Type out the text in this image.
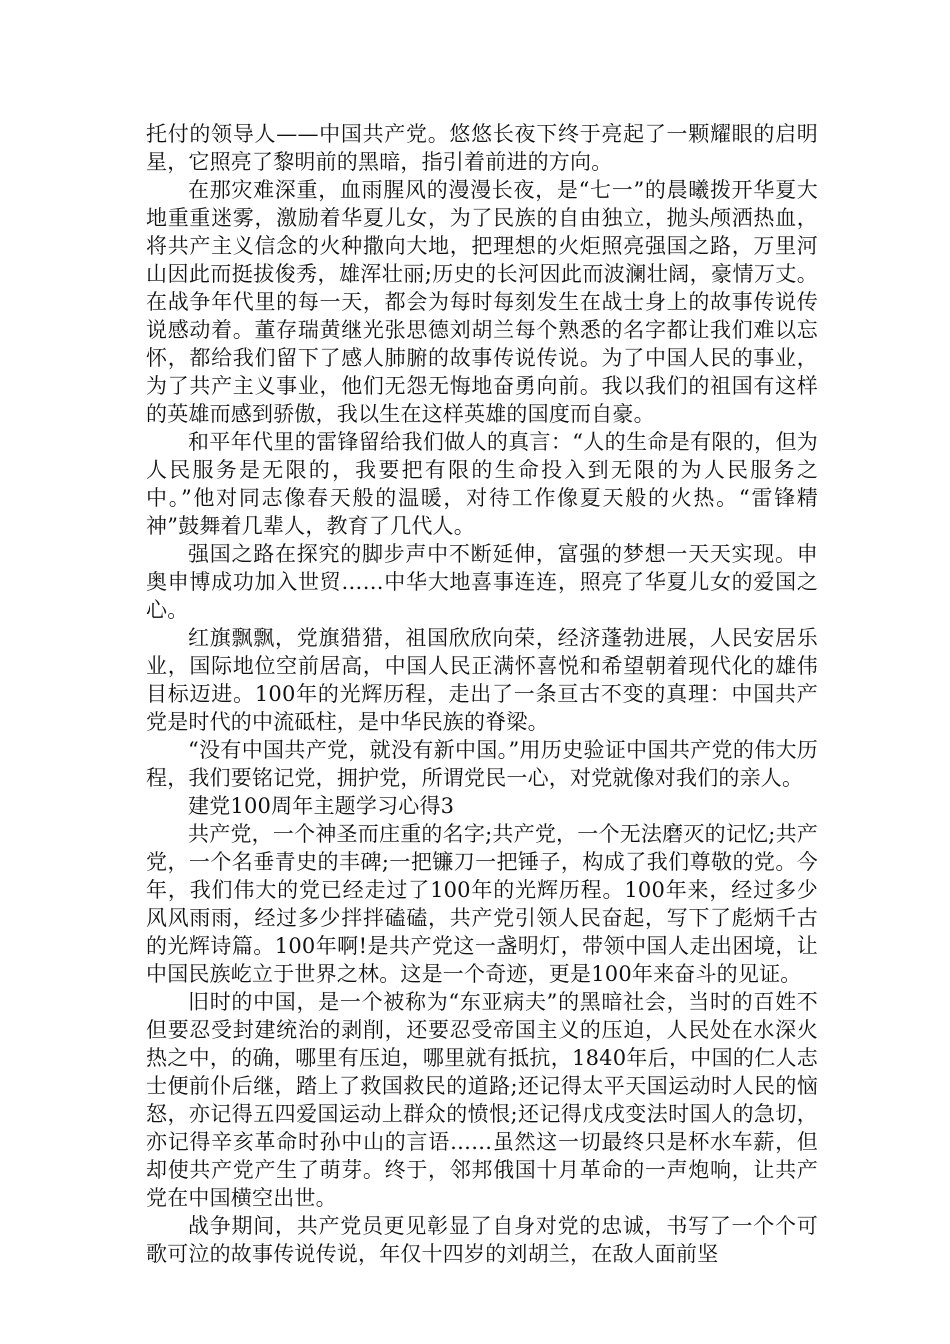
托付的领导人——中国共产党。悠悠长夜下终于亮起了一颗耀眼的启明星，它照亮了黎明前的黑暗，指引着前进的方向。

在那灾难深重，血雨腥风的漫漫长夜，是“七一”的晨曦拨开华夏大地重重迷雾，激励着华夏儿女，为了民族的自由独立，抛头颅洒热血，将共产主义信念的火种撒向大地，把理想的火炬照亮强国之路，万里河山因此而挺拔俊秀，雄浑壮丽;历史的长河因此而波澜壮阔，豪情万丈。在战争年代里的每一天，都会为每时每刻发生在战士身上的故事传说传说感动着。董存瑞黄继光张思德刘胡兰每个熟悉的名字都让我们难以忘怀，都给我们留下了感人肺腑的故事传说传说。为了中国人民的事业，为了共产主义事业，他们无怨无悔地奋勇向前。我以我们的祖国有这样的英雄而感到骄傲，我以生在这样英雄的国度而自豪。

和平年代里的雷锋留给我们做人的真言：“人的生命是有限的，但为人民服务是无限的，我要把有限的生命投入到无限的为人民服务之中。”他对同志像春天般的温暖，对待工作像夏天般的火热。“雷锋精神”鼓舞着几辈人，教育了几代人。

强国之路在探究的脚步声中不断延伸，富强的梦想一天天实现。申奥申博成功加入世贸……中华大地喜事连连，照亮了华夏儿女的爱国之心。

红旗飘飘，党旗猎猎，祖国欣欣向荣，经济蓬勃进展，人民安居乐业，国际地位空前居高，中国人民正满怀喜悦和希望朝着现代化的雄伟目标迈进。100年的光辉历程，走出了一条亘古不变的真理：中国共产党是时代的中流砥柱，是中华民族的脊梁。

“没有中国共产党，就没有新中国。”用历史验证中国共产党的伟大历程，我们要铭记党，拥护党，所谓党民一心，对党就像对我们的亲人。

建党100周年主题学习心得3

共产党，一个神圣而庄重的名字;共产党，一个无法磨灭的记忆;共产党，一个名垂青史的丰碑;一把镰刀一把锤子，构成了我们尊敬的党。今年，我们伟大的党已经走过了100年的光辉历程。100年来，经过多少风风雨雨，经过多少拌拌磕磕，共产党引领人民奋起，写下了彪炳千古的光辉诗篇。100年啊!是共产党这一盏明灯，带领中国人走出困境，让中国民族屹立于世界之林。这是一个奇迹，更是100年来奋斗的见证。

旧时的中国，是一个被称为“东亚病夫”的黑暗社会，当时的百姓不但要忍受封建统治的剥削，还要忍受帝国主义的压迫，人民处在水深火热之中，的确，哪里有压迫，哪里就有抵抗，1840年后，中国的仁人志士便前仆后继，踏上了救国救民的道路;还记得太平天国运动时人民的恼怒，亦记得五四爱国运动上群众的愤恨;还记得戊戌变法时国人的急切，亦记得辛亥革命时孙中山的言语……虽然这一切最终只是杯水车薪，但却使共产党产生了萌芽。终于，邻邦俄国十月革命的一声炮响，让共产党在中国横空出世。

战争期间，共产党员更见彰显了自身对党的忠诚，书写了一个个可歌可泣的故事传说传说，年仅十四岁的刘胡兰，在敌人面前坚
